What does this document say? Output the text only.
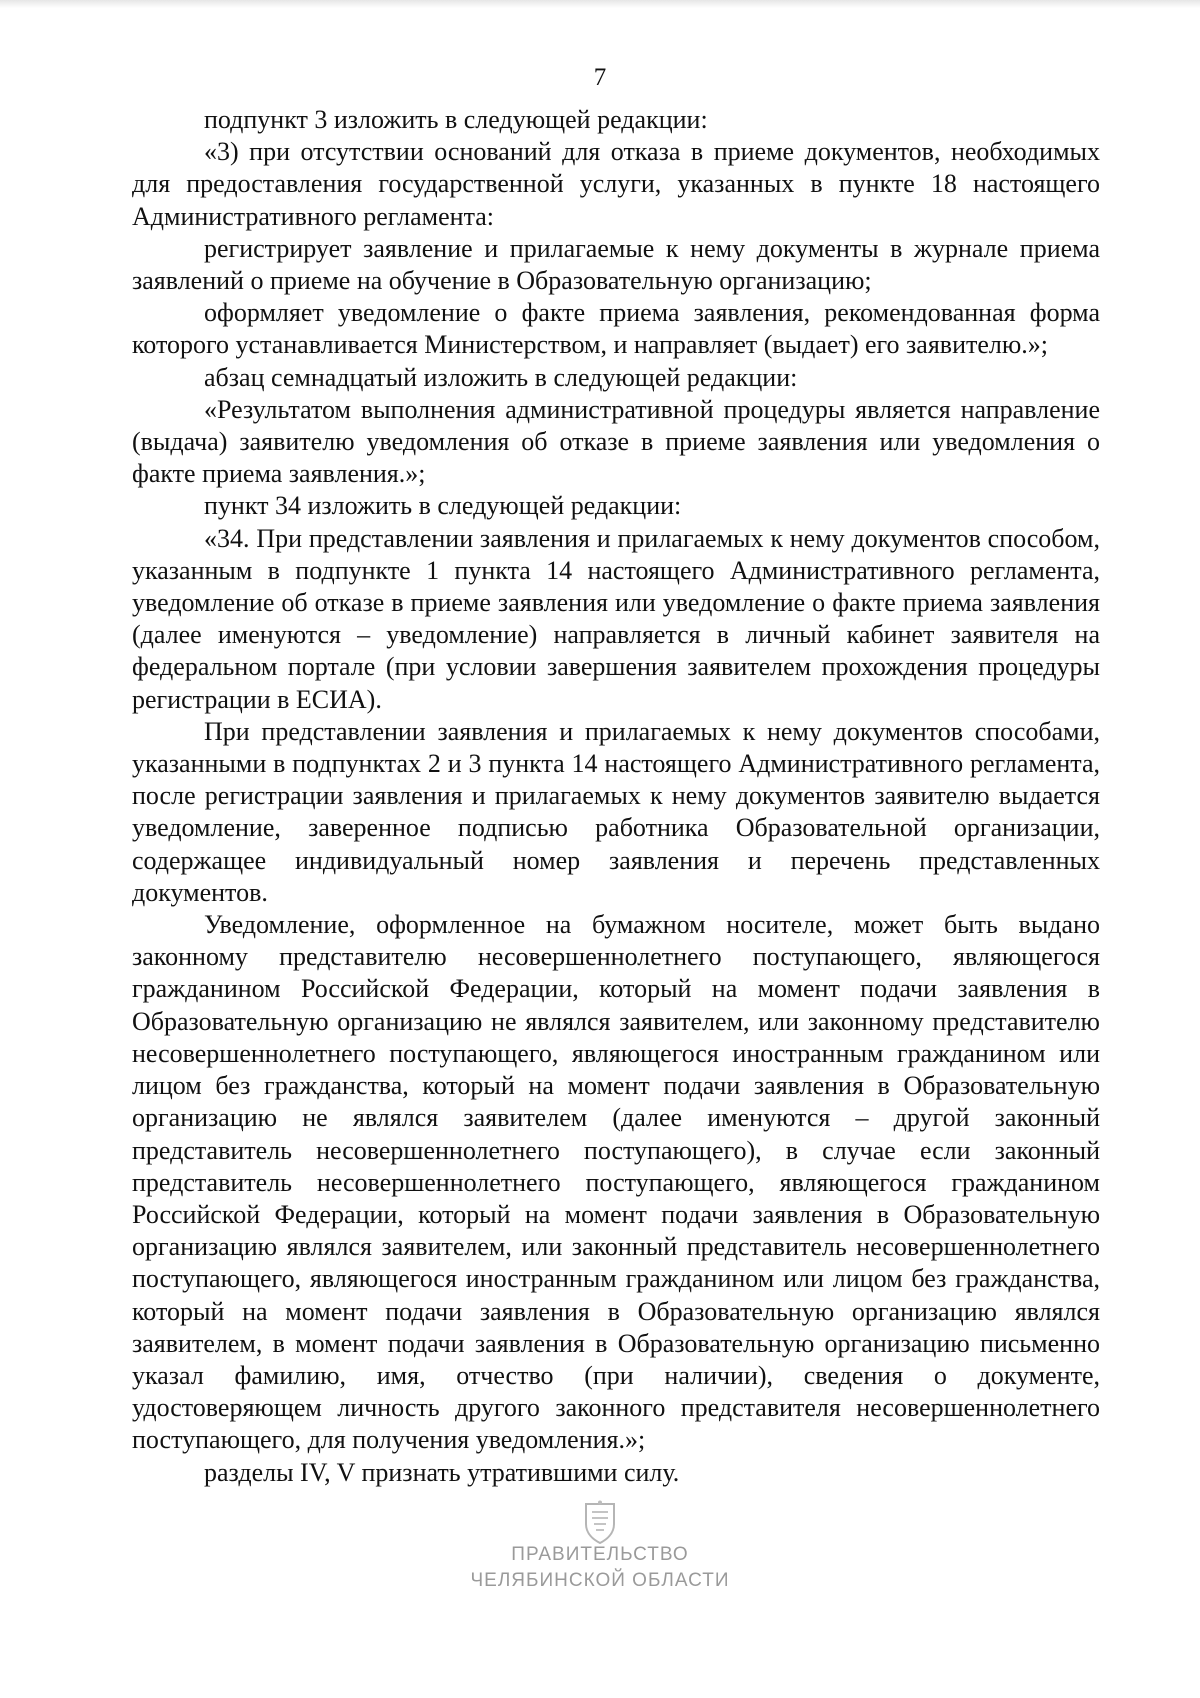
7

подпункт 3 изложить в следующей редакции:

«3) при отсутствии оснований для отказа в приеме документов, необходимых для предоставления государственной услуги, указанных в пункте 18 настоящего Административного регламента:

регистрирует заявление и прилагаемые к нему документы в журнале приема заявлений о приеме на обучение в Образовательную организацию;

оформляет уведомление о факте приема заявления, рекомендованная форма которого устанавливается Министерством, и направляет (выдает) его заявителю.»;

абзац семнадцатый изложить в следующей редакции:

«Результатом выполнения административной процедуры является направление (выдача) заявителю уведомления об отказе в приеме заявления или уведомления о факте приема заявления.»;

пункт 34 изложить в следующей редакции:

«34. При представлении заявления и прилагаемых к нему документов способом, указанным в подпункте 1 пункта 14 настоящего Административного регламента, уведомление об отказе в приеме заявления или уведомление о факте приема заявления (далее именуются – уведомление) направляется в личный кабинет заявителя на федеральном портале (при условии завершения заявителем прохождения процедуры регистрации в ЕСИА).

При представлении заявления и прилагаемых к нему документов способами, указанными в подпунктах 2 и 3 пункта 14 настоящего Административного регламента, после регистрации заявления и прилагаемых к нему документов заявителю выдается уведомление, заверенное подписью работника Образовательной организации, содержащее индивидуальный номер заявления и перечень представленных документов.

Уведомление, оформленное на бумажном носителе, может быть выдано законному представителю несовершеннолетнего поступающего, являющегося гражданином Российской Федерации, который на момент подачи заявления в Образовательную организацию не являлся заявителем, или законному представителю несовершеннолетнего поступающего, являющегося иностранным гражданином или лицом без гражданства, который на момент подачи заявления в Образовательную организацию не являлся заявителем (далее именуются – другой законный представитель несовершеннолетнего поступающего), в случае если законный представитель несовершеннолетнего поступающего, являющегося гражданином Российской Федерации, который на момент подачи заявления в Образовательную организацию являлся заявителем, или законный представитель несовершеннолетнего поступающего, являющегося иностранным гражданином или лицом без гражданства, который на момент подачи заявления в Образовательную организацию являлся заявителем, в момент подачи заявления в Образовательную организацию письменно указал фамилию, имя, отчество (при наличии), сведения о документе, удостоверяющем личность другого законного представителя несовершеннолетнего поступающего, для получения уведомления.»;

разделы IV, V признать утратившими силу.

ПРАВИТЕЛЬСТВО
ЧЕЛЯБИНСКОЙ ОБЛАСТИ
